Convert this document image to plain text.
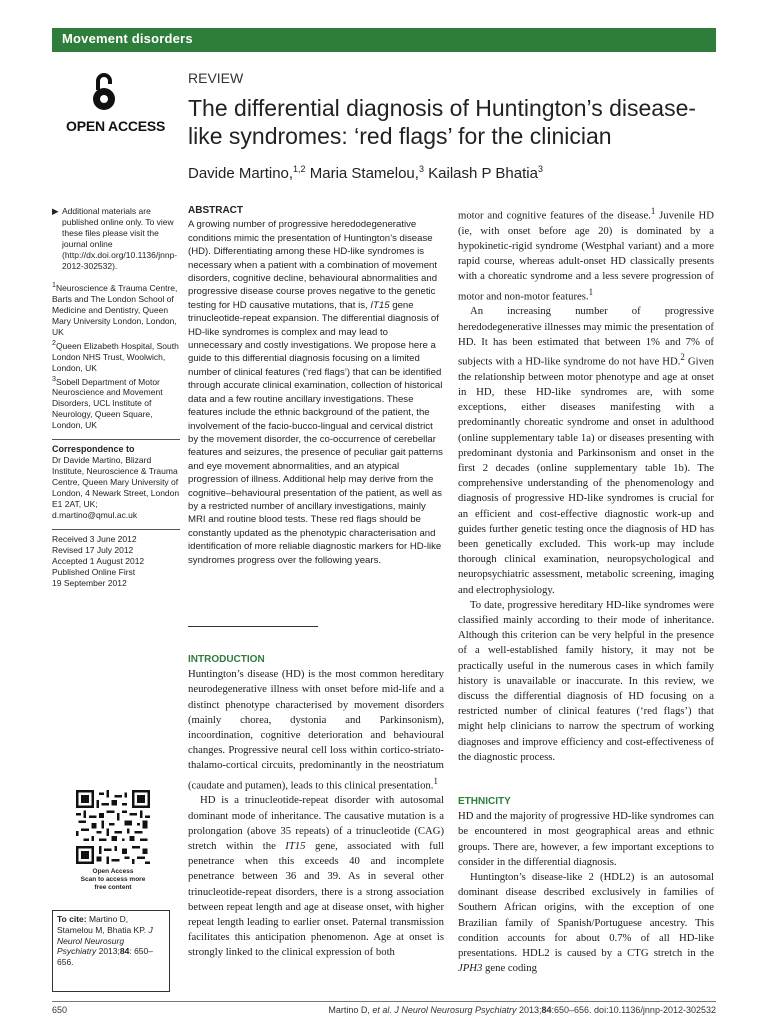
Movement disorders
OPEN ACCESS
REVIEW
The differential diagnosis of Huntington’s disease-like syndromes: ‘red flags’ for the clinician
Davide Martino,$^{1,2}$ Maria Stamelou,$^3$ Kailash P Bhatia$^3$

▶ Additional materials are published online only. To view these files please visit the journal online (http://dx.doi.org/10.1136/jnnp-2012-302532).

$^1$Neuroscience & Trauma Centre, Barts and The London School of Medicine and Dentistry, Queen Mary University London, London, UK

$^2$Queen Elizabeth Hospital, South London NHS Trust, Woolwich, London, UK

$^3$Sobell Department of Motor Neuroscience and Movement Disorders, UCL Institute of Neurology, Queen Square, London, UK

Correspondence to

Dr Davide Martino, Blizard Institute, Neuroscience & Trauma Centre, Queen Mary University of London, 4 Newark Street, London E1 2AT, UK; d.martino@qmul.ac.uk

Received 3 June 2012

Revised 17 July 2012

Accepted 1 August 2012

Published Online First

19 September 2012

Open Access
Scan to access more
free content
To cite: Martino D, Stamelou M, Bhatia KP. J Neurol Neurosurg Psychiatry 2013;84: 650–656.
ABSTRACT

A growing number of progressive heredodegenerative conditions mimic the presentation of Huntington’s disease (HD). Differentiating among these HD-like syndromes is necessary when a patient with a combination of movement disorders, cognitive decline, behavioural abnormalities and progressive disease course proves negative to the genetic testing for HD causative mutations, that is, IT15 gene trinucleotide-repeat expansion. The differential diagnosis of HD-like syndromes is complex and may lead to unnecessary and costly investigations. We propose here a guide to this differential diagnosis focusing on a limited number of clinical features (‘red flags’) that can be identified through accurate clinical examination, collection of historical data and a few routine ancillary investigations. These features include the ethnic background of the patient, the involvement of the facio-bucco-lingual and cervical district by the movement disorder, the co-occurrence of cerebellar features and seizures, the presence of peculiar gait patterns and eye movement abnormalities, and an atypical progression of illness. Additional help may derive from the cognitive–behavioural presentation of the patient, as well as by a restricted number of ancillary investigations, mainly MRI and routine blood tests. These red flags should be constantly updated as the phenotypic characterisation and identification of more reliable diagnostic markers for HD-like syndromes progress over the following years.

INTRODUCTION

Huntington’s disease (HD) is the most common hereditary neurodegenerative illness with onset before mid-life and a distinct phenotype characterised by movement disorders (mainly chorea, dystonia and Parkinsonism), incoordination, cognitive deterioration and behavioural changes. Progressive neural cell loss within cortico-striato-thalamo-cortical circuits, predominantly in the neostriatum (caudate and putamen), leads to this clinical presentation.$^1$

HD is a trinucleotide-repeat disorder with autosomal dominant mode of inheritance. The causative mutation is a prolongation (above 35 repeats) of a trinucleotide (CAG) stretch within the IT15 gene, associated with full penetrance when this exceeds 40 and incomplete penetrance between 36 and 39. As in several other trinucleotide-repeat disorders, there is a strong association between repeat length and age at disease onset, with higher repeat length leading to earlier onset. Paternal transmission facilitates this anticipation phenomenon. Age at onset is strongly linked to the clinical expression of both

motor and cognitive features of the disease.$^1$ Juvenile HD (ie, with onset before age 20) is dominated by a hypokinetic-rigid syndrome (Westphal variant) and a more rapid course, whereas adult-onset HD classically presents with a choreatic syndrome and a less severe progression of motor and non-motor features.$^1$

An increasing number of progressive heredodegenerative illnesses may mimic the presentation of HD. It has been estimated that between 1% and 7% of subjects with a HD-like syndrome do not have HD.$^2$ Given the relationship between motor phenotype and age at onset in HD, these HD-like syndromes are, with some exceptions, either diseases manifesting with a predominantly choreatic syndrome and onset in adulthood (online supplementary table 1a) or diseases presenting with predominant dystonia and Parkinsonism and onset in the first 2 decades (online supplementary table 1b). The comprehensive understanding of the phenomenology and diagnosis of progressive HD-like syndromes is crucial for an efficient and cost-effective diagnostic work-up and guides further genetic testing once the diagnosis of HD has been genetically excluded. This work-up may include thorough clinical examination, neuropsychological and neuropsychiatric assessment, metabolic screening, imaging and electrophysiology.

To date, progressive hereditary HD-like syndromes were classified mainly according to their mode of inheritance. Although this criterion can be very helpful in the presence of a well-established family history, it may not be practically useful in the numerous cases in which family history is unavailable or inaccurate. In this review, we discuss the differential diagnosis of HD focusing on a restricted number of clinical features (‘red flags’) that might help clinicians to narrow the spectrum of working diagnoses and improve efficiency and cost-effectiveness of the diagnostic process.

ETHNICITY

HD and the majority of progressive HD-like syndromes can be encountered in most geographical areas and ethnic groups. There are, however, a few important exceptions to consider in the differential diagnosis.

Huntington’s disease-like 2 (HDL2) is an autosomal dominant disease described exclusively in families of Southern African origins, with the exception of one Brazilian family of Spanish/Portuguese ancestry. This condition accounts for about 0.7% of all HD-like presentations. HDL2 is caused by a CTG stretch in the JPH3 gene coding

650	Martino D, et al. J Neurol Neurosurg Psychiatry 2013;84:650–656. doi:10.1136/jnnp-2012-302532
